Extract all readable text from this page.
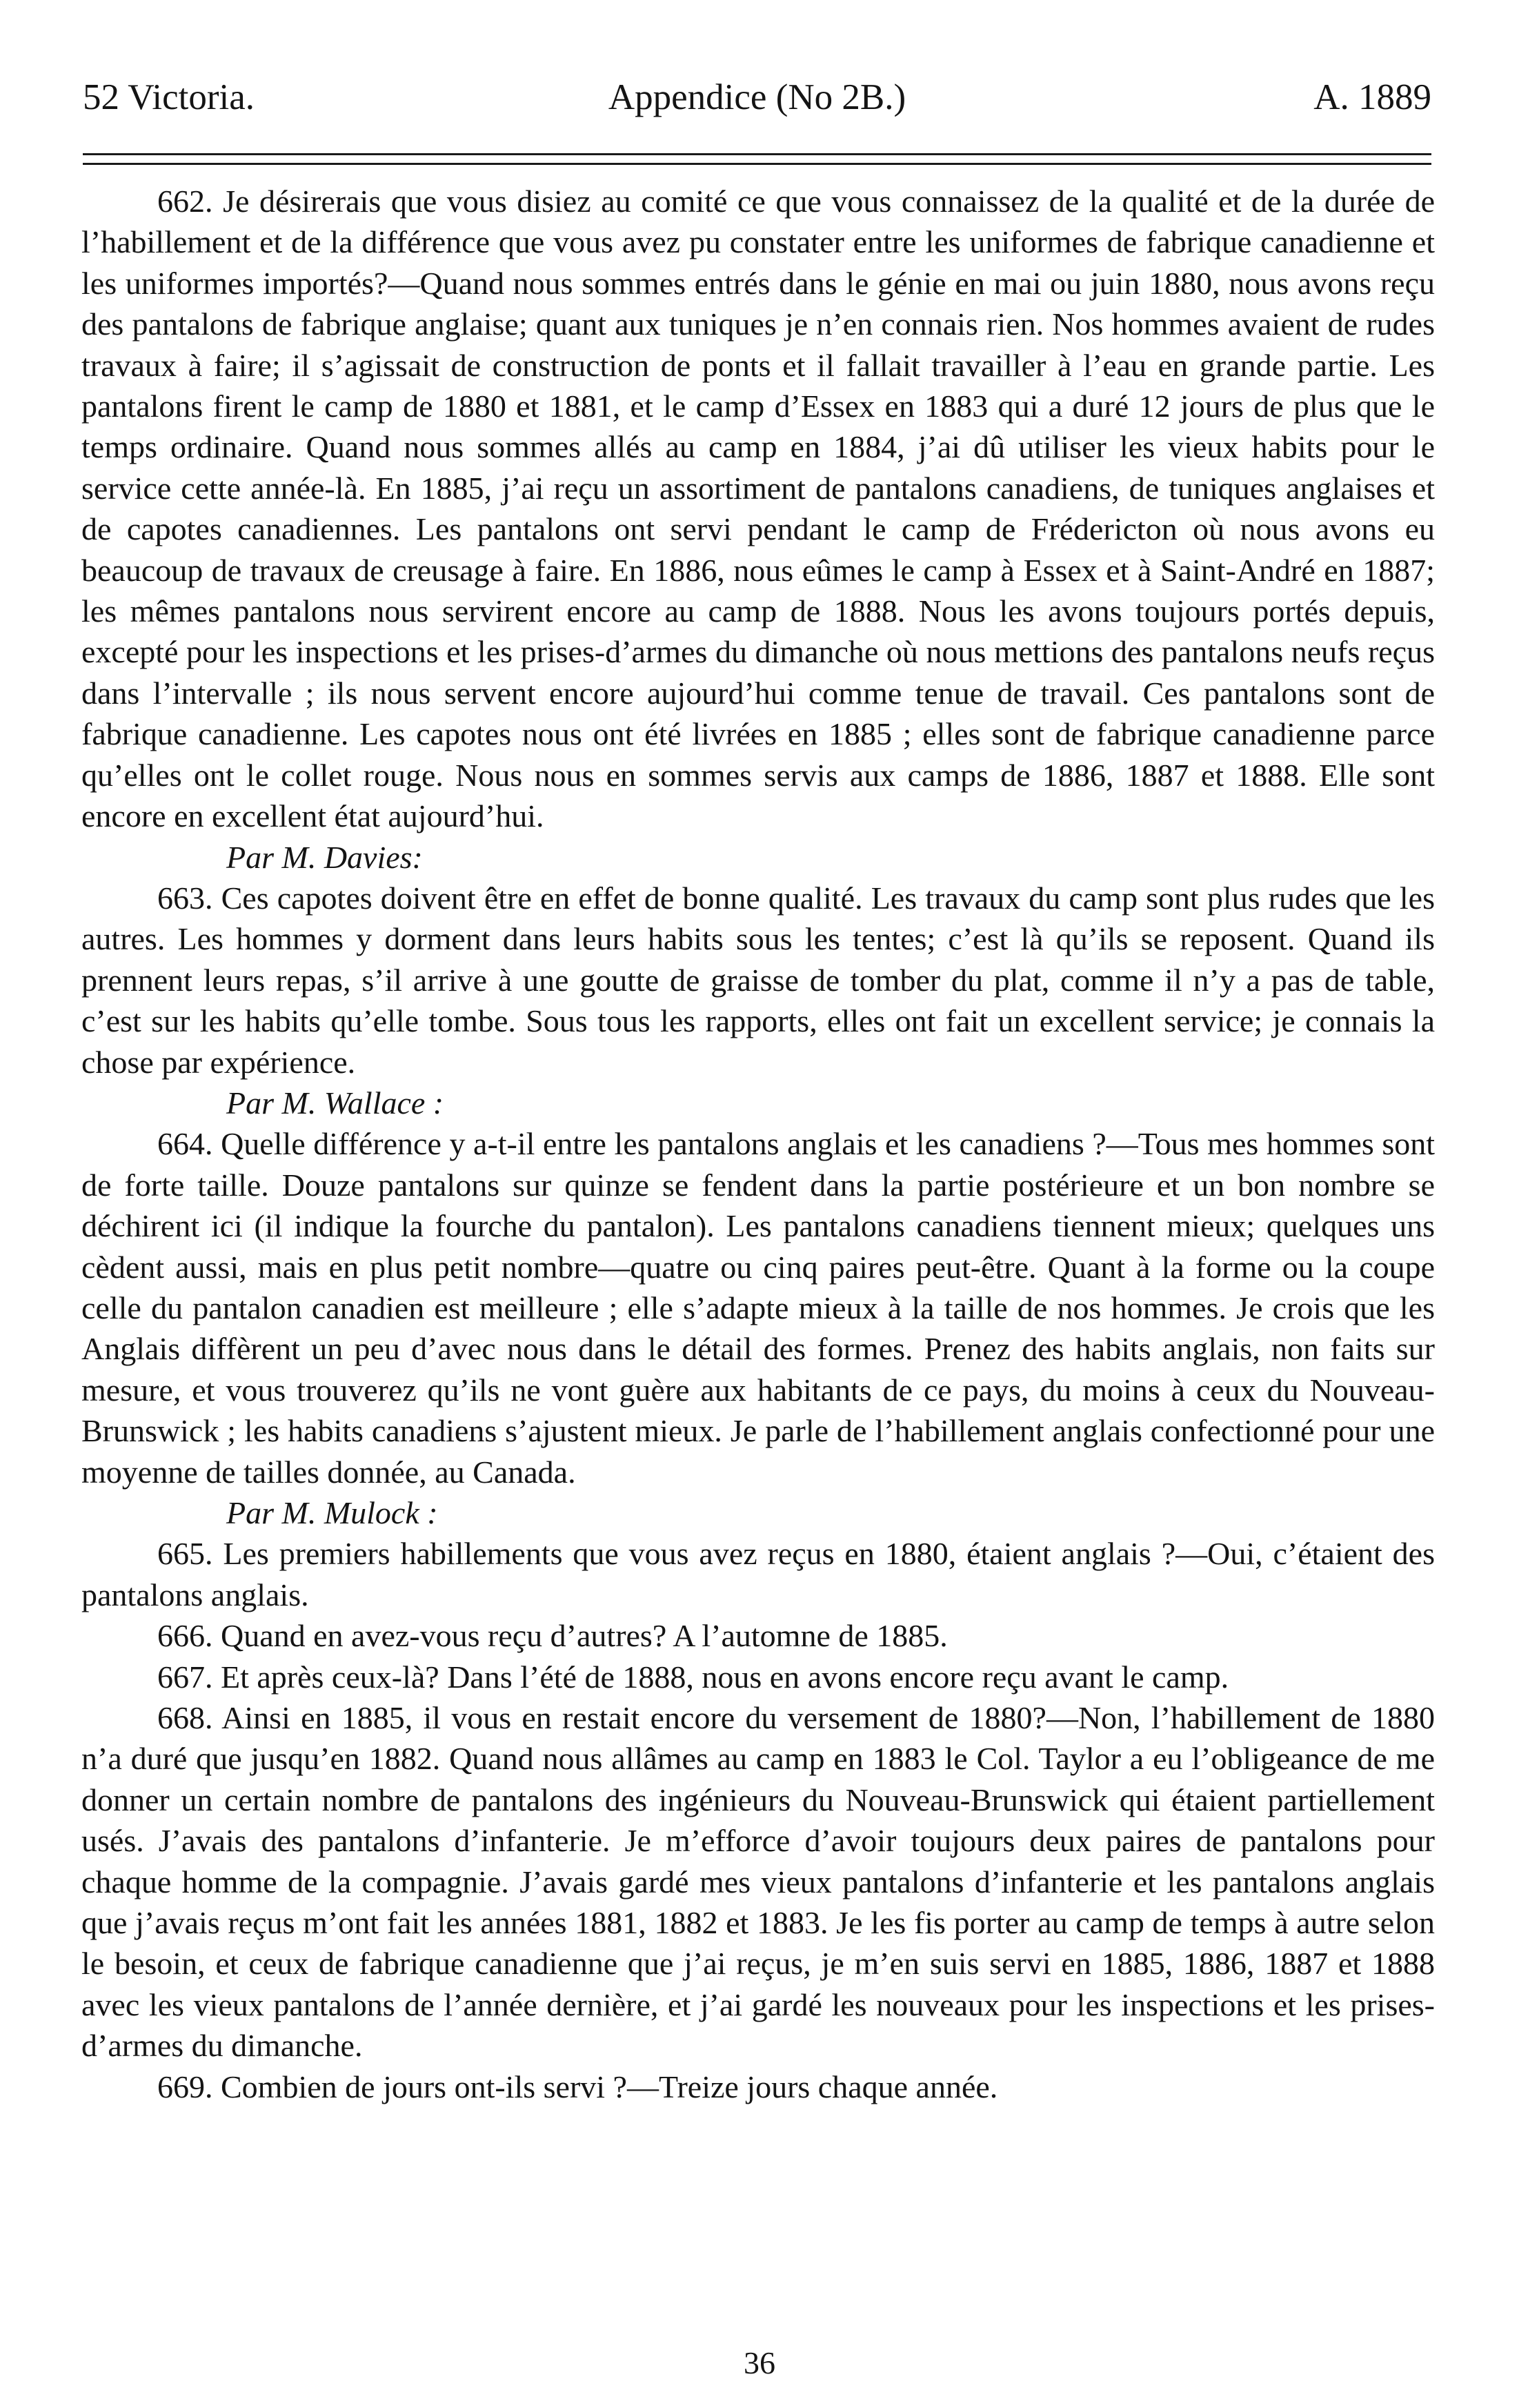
52 Victoria.	Appendice (No 2B.)	A. 1889

662. Je désirerais que vous disiez au comité ce que vous connaissez de la qualité et de la durée de l’habillement et de la différence que vous avez pu constater entre les uniformes de fabrique canadienne et les uniformes importés?—Quand nous sommes entrés dans le génie en mai ou juin 1880, nous avons reçu des pantalons de fabrique anglaise; quant aux tuniques je n’en connais rien. Nos hommes avaient de rudes travaux à faire; il s’agissait de construction de ponts et il fallait travailler à l’eau en grande partie. Les pantalons firent le camp de 1880 et 1881, et le camp d’Essex en 1883 qui a duré 12 jours de plus que le temps ordinaire. Quand nous sommes allés au camp en 1884, j’ai dû utiliser les vieux habits pour le service cette année-là. En 1885, j’ai reçu un assortiment de pantalons canadiens, de tuniques anglaises et de capotes canadiennes. Les pantalons ont servi pendant le camp de Frédericton où nous avons eu beaucoup de travaux de creusage à faire. En 1886, nous eûmes le camp à Essex et à Saint-André en 1887; les mêmes pantalons nous servirent encore au camp de 1888. Nous les avons toujours portés depuis, excepté pour les inspections et les prises-d’armes du dimanche où nous mettions des pantalons neufs reçus dans l’intervalle ; ils nous servent encore aujourd’hui comme tenue de travail. Ces pantalons sont de fabrique canadienne. Les capotes nous ont été livrées en 1885 ; elles sont de fabrique canadienne parce qu’elles ont le collet rouge. Nous nous en sommes servis aux camps de 1886, 1887 et 1888. Elle sont encore en excellent état aujourd’hui.

Par M. Davies:

663. Ces capotes doivent être en effet de bonne qualité. Les travaux du camp sont plus rudes que les autres. Les hommes y dorment dans leurs habits sous les tentes; c’est là qu’ils se reposent. Quand ils prennent leurs repas, s’il arrive à une goutte de graisse de tomber du plat, comme il n’y a pas de table, c’est sur les habits qu’elle tombe. Sous tous les rapports, elles ont fait un excellent service; je connais la chose par expérience.

Par M. Wallace :

664. Quelle différence y a-t-il entre les pantalons anglais et les canadiens ?—Tous mes hommes sont de forte taille. Douze pantalons sur quinze se fendent dans la partie postérieure et un bon nombre se déchirent ici (il indique la fourche du pantalon). Les pantalons canadiens tiennent mieux; quelques uns cèdent aussi, mais en plus petit nombre—quatre ou cinq paires peut-être. Quant à la forme ou la coupe celle du pantalon canadien est meilleure ; elle s’adapte mieux à la taille de nos hommes. Je crois que les Anglais diffèrent un peu d’avec nous dans le détail des formes. Prenez des habits anglais, non faits sur mesure, et vous trouverez qu’ils ne vont guère aux habitants de ce pays, du moins à ceux du Nouveau-Brunswick ; les habits canadiens s’ajustent mieux. Je parle de l’habillement anglais confectionné pour une moyenne de tailles donnée, au Canada.

Par M. Mulock :

665. Les premiers habillements que vous avez reçus en 1880, étaient anglais ?—Oui, c’étaient des pantalons anglais.

666. Quand en avez-vous reçu d’autres? A l’automne de 1885.

667. Et après ceux-là? Dans l’été de 1888, nous en avons encore reçu avant le camp.

668. Ainsi en 1885, il vous en restait encore du versement de 1880?—Non, l’habillement de 1880 n’a duré que jusqu’en 1882. Quand nous allâmes au camp en 1883 le Col. Taylor a eu l’obligeance de me donner un certain nombre de pantalons des ingénieurs du Nouveau-Brunswick qui étaient partiellement usés. J’avais des pantalons d’infanterie. Je m’efforce d’avoir toujours deux paires de pantalons pour chaque homme de la compagnie. J’avais gardé mes vieux pantalons d’infanterie et les pantalons anglais que j’avais reçus m’ont fait les années 1881, 1882 et 1883. Je les fis porter au camp de temps à autre selon le besoin, et ceux de fabrique canadienne que j’ai reçus, je m’en suis servi en 1885, 1886, 1887 et 1888 avec les vieux pantalons de l’année dernière, et j’ai gardé les nouveaux pour les inspections et les prises-d’armes du dimanche.

669. Combien de jours ont-ils servi ?—Treize jours chaque année.

36
